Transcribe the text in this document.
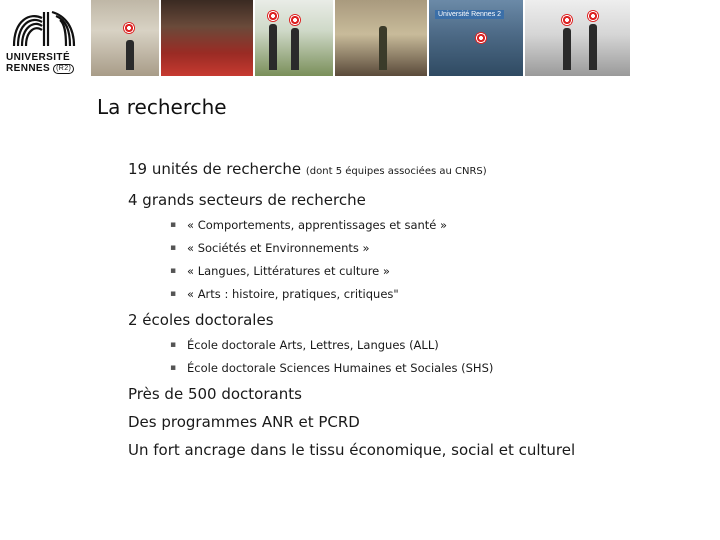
UNIVERSITÉ
RENNES (R2)
Université Rennes 2
La recherche
19 unités de recherche (dont 5 équipes associées au CNRS)
4 grands secteurs de recherche
▪ « Comportements, apprentissages et santé »
▪ « Sociétés et Environnements »
▪ « Langues, Littératures et culture »
▪ « Arts : histoire, pratiques, critiques"
2 écoles doctorales
▪ École doctorale Arts, Lettres, Langues (ALL)
▪ École doctorale Sciences Humaines et Sociales (SHS)
Près de 500 doctorants
Des programmes ANR et PCRD
Un fort ancrage dans le tissu économique, social et culturel
